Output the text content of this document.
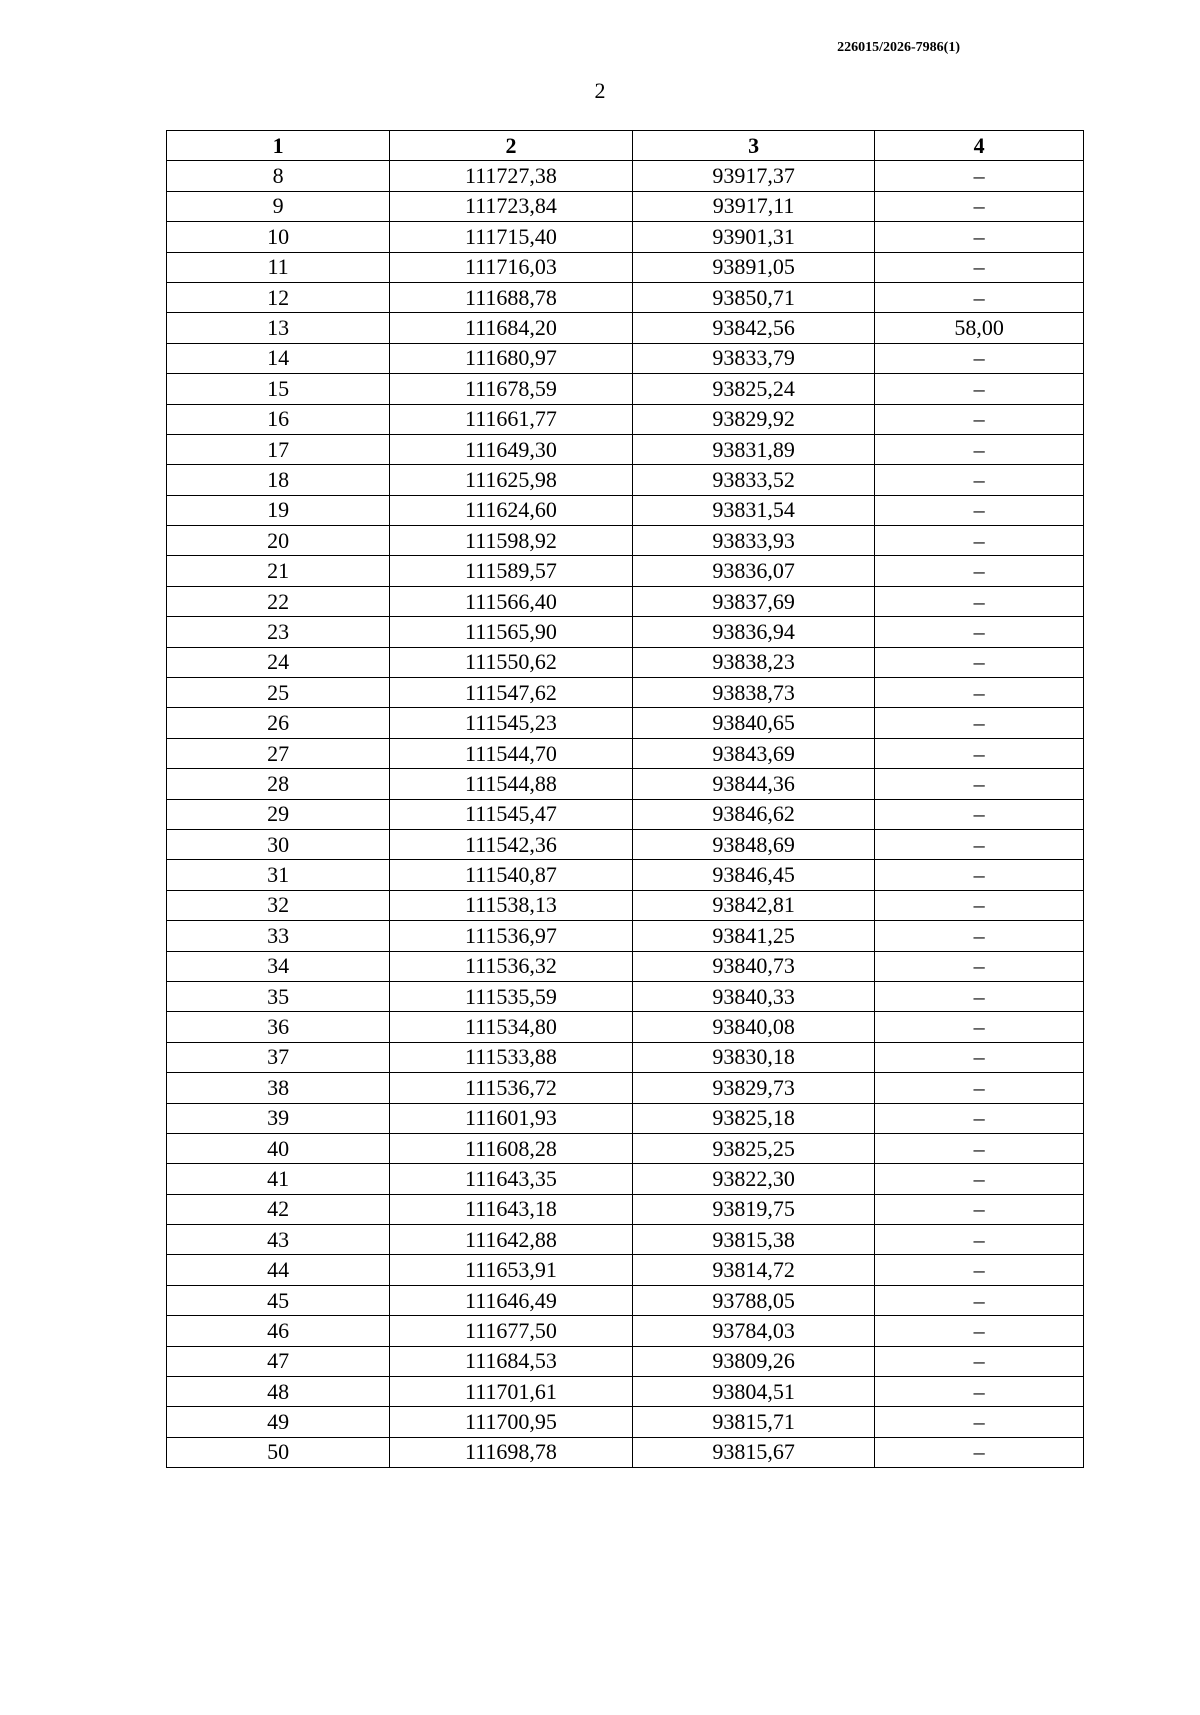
226015/2026-7986(1)
2
1	2	3	4
8	111727,38	93917,37	–
9	111723,84	93917,11	–
10	111715,40	93901,31	–
11	111716,03	93891,05	–
12	111688,78	93850,71	–
13	111684,20	93842,56	58,00
14	111680,97	93833,79	–
15	111678,59	93825,24	–
16	111661,77	93829,92	–
17	111649,30	93831,89	–
18	111625,98	93833,52	–
19	111624,60	93831,54	–
20	111598,92	93833,93	–
21	111589,57	93836,07	–
22	111566,40	93837,69	–
23	111565,90	93836,94	–
24	111550,62	93838,23	–
25	111547,62	93838,73	–
26	111545,23	93840,65	–
27	111544,70	93843,69	–
28	111544,88	93844,36	–
29	111545,47	93846,62	–
30	111542,36	93848,69	–
31	111540,87	93846,45	–
32	111538,13	93842,81	–
33	111536,97	93841,25	–
34	111536,32	93840,73	–
35	111535,59	93840,33	–
36	111534,80	93840,08	–
37	111533,88	93830,18	–
38	111536,72	93829,73	–
39	111601,93	93825,18	–
40	111608,28	93825,25	–
41	111643,35	93822,30	–
42	111643,18	93819,75	–
43	111642,88	93815,38	–
44	111653,91	93814,72	–
45	111646,49	93788,05	–
46	111677,50	93784,03	–
47	111684,53	93809,26	–
48	111701,61	93804,51	–
49	111700,95	93815,71	–
50	111698,78	93815,67	–
